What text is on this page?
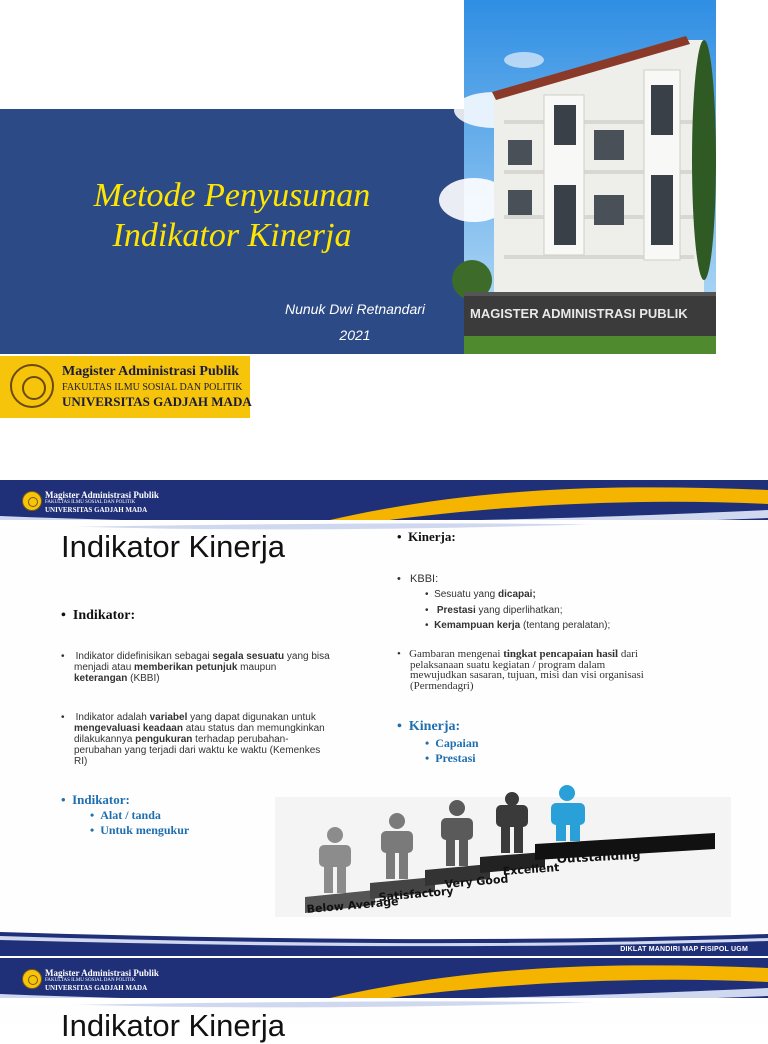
Metode Penyusunan
Indikator Kinerja
Nunuk Dwi Retnandari
2021
MAGISTER ADMINISTRASI PUBLIK
Magister Administrasi Publik
FAKULTAS ILMU SOSIAL DAN POLITIK
UNIVERSITAS GADJAH MADA
Magister Administrasi Publik
FAKULTAS ILMU SOSIAL DAN POLITIK
UNIVERSITAS GADJAH MADA
Indikator Kinerja
•  Indikator:
•    Indikator didefinisikan sebagai segala sesuatu yang bisa
menjadi atau memberikan petunjuk maupun
keterangan (KBBI)
•    Indikator adalah variabel yang dapat digunakan untuk
mengevaluasi keadaan atau status dan memungkinkan
dilakukannya pengukuran terhadap perubahan-
perubahan yang terjadi dari waktu ke waktu (Kemenkes
RI)
•  Indikator:
•  Alat / tanda
•  Untuk mengukur
•  Kinerja:
•   KBBI:
•  Sesuatu yang dicapai;
•   Prestasi yang diperlihatkan;
•  Kemampuan kerja (tentang peralatan);
•   Gambaran mengenai tingkat pencapaian hasil dari
pelaksanaan suatu kegiatan / program dalam
mewujudkan sasaran, tujuan, misi dan visi organisasi
(Permendagri)
•  Kinerja:
•  Capaian
•  Prestasi
Below Average
Satisfactory
Very Good
Excellent
Outstanding
DIKLAT MANDIRI MAP FISIPOL UGM
Magister Administrasi Publik
FAKULTAS ILMU SOSIAL DAN POLITIK
UNIVERSITAS GADJAH MADA
Indikator Kinerja
